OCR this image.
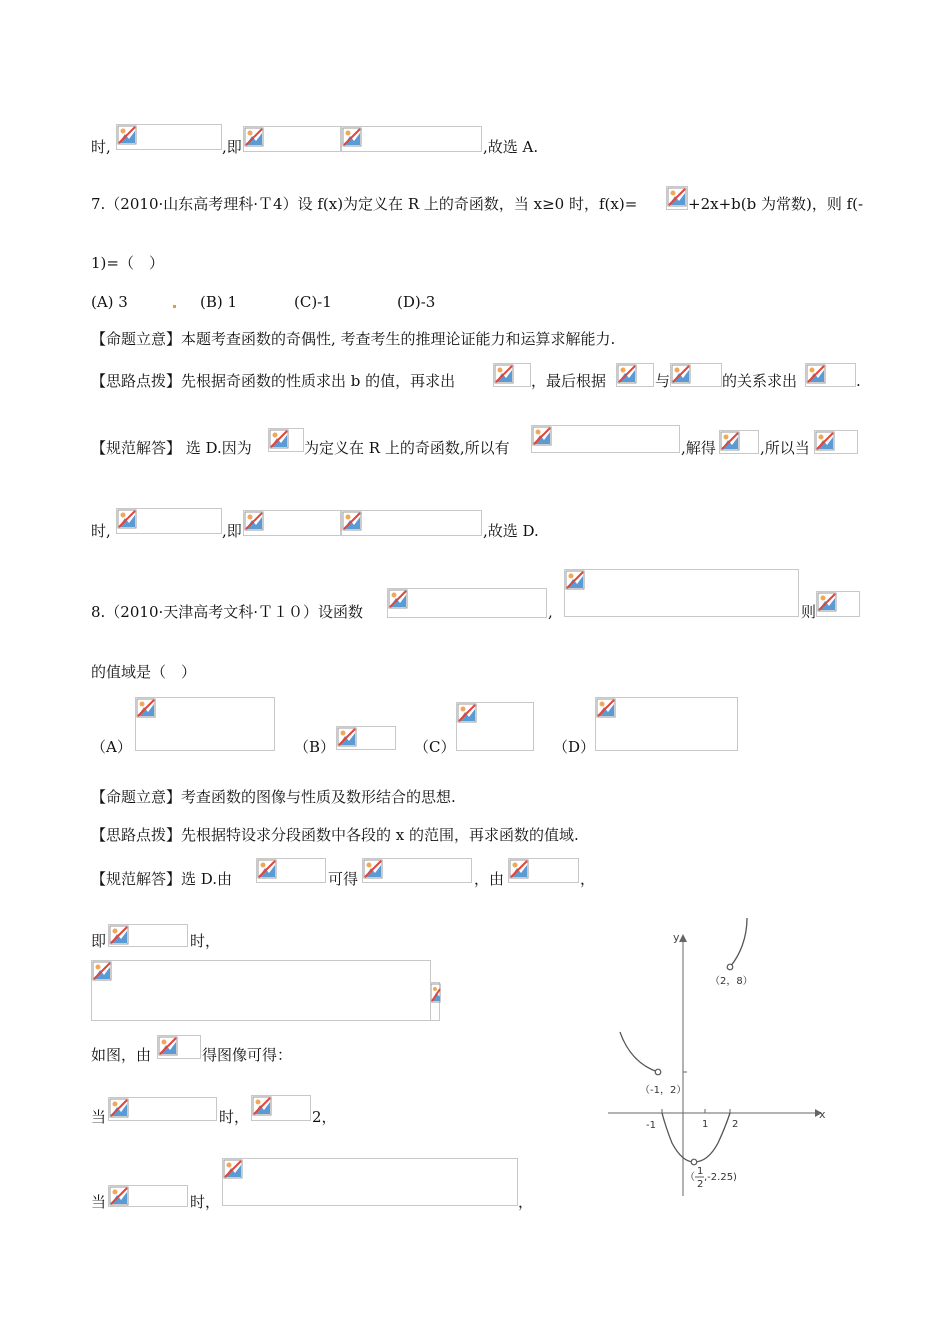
时,	,即	,故选 A.
7.（2010·山东高考理科·Ｔ4）设 f(x)为定义在 R 上的奇函数，当 x≥0 时，f(x)=	+2x+b(b 为常数)，则 f(-
1)=（　）
(A) 3	(B) 1	(C)-1	(D)-3
【命题立意】本题考查函数的奇偶性, 考查考生的推理论证能力和运算求解能力.
【思路点拨】先根据奇函数的性质求出 b 的值，再求出	，最后根据	与	的关系求出	.
【规范解答】 选 D.因为	为定义在 R 上的奇函数,所以有	,解得	,所以当
时,	,即	,故选 D.
8.（2010·天津高考文科·Ｔ１０）设函数	,	则
的值域是（　）
（A）	（B）	（C）	（D）
【命题立意】考查函数的图像与性质及数形结合的思想.
【思路点拨】先根据特设求分段函数中各段的 x 的范围，再求函数的值域.
【规范解答】选 D.由	可得	，由	，
即	时，
如图，由	得图像可得：
当	时，	2，
当	时，	，
y
x
-1	1 2
（2，8）
（-1，2）
（
1
2
,-2.25)
